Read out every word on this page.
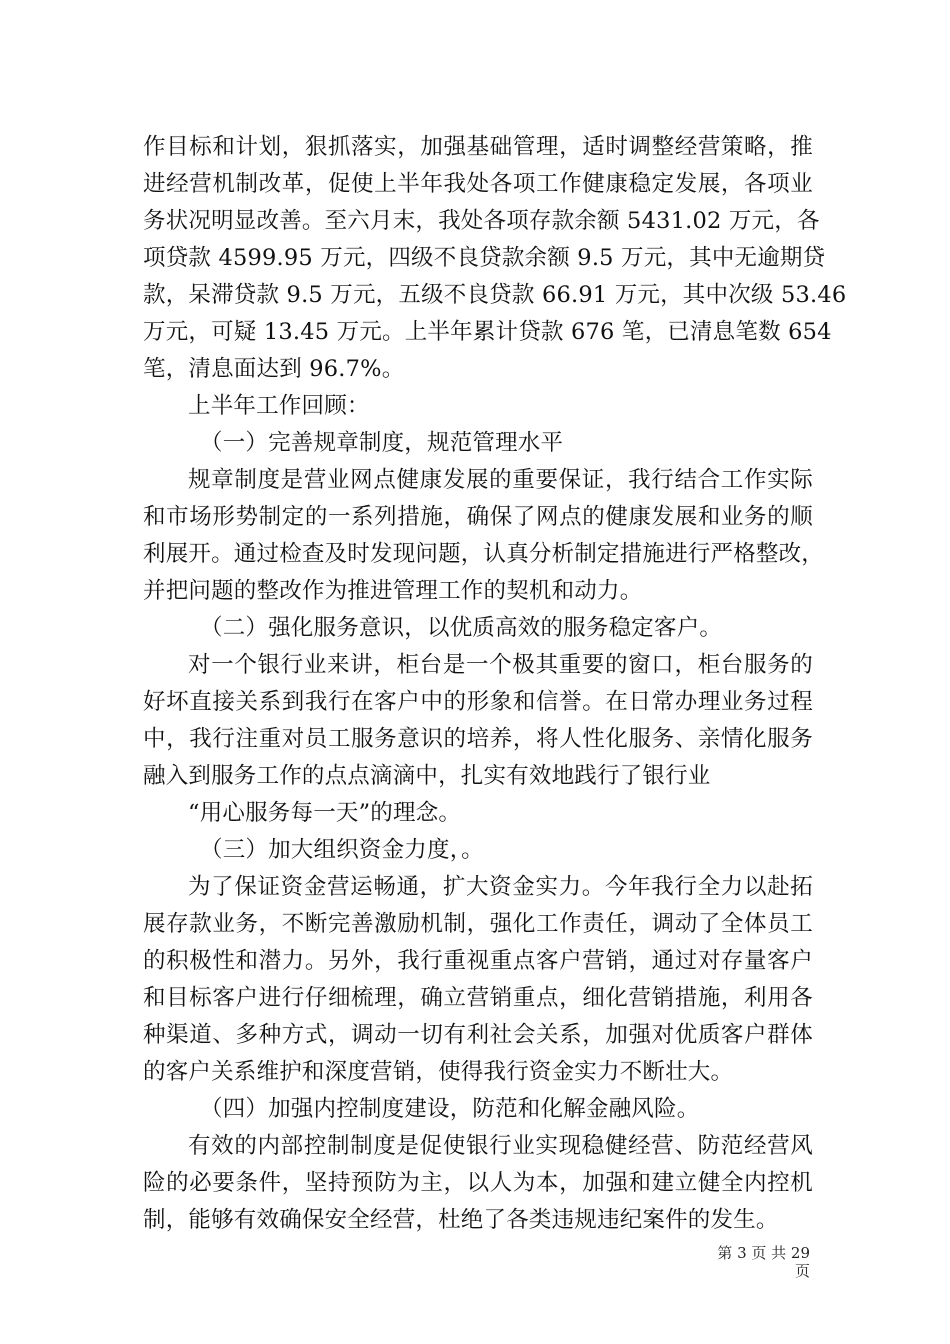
作目标和计划，狠抓落实，加强基础管理，适时调整经营策略，推
进经营机制改革，促使上半年我处各项工作健康稳定发展，各项业
务状况明显改善。至六月末，我处各项存款余额 5431.02 万元，各
项贷款 4599.95 万元，四级不良贷款余额 9.5 万元，其中无逾期贷
款，呆滞贷款 9.5 万元，五级不良贷款 66.91 万元，其中次级 53.46
万元，可疑 13.45 万元。上半年累计贷款 676 笔，已清息笔数 654
笔，清息面达到 96.7%。
上半年工作回顾：
（一）完善规章制度，规范管理水平
规章制度是营业网点健康发展的重要保证，我行结合工作实际
和市场形势制定的一系列措施，确保了网点的健康发展和业务的顺
利展开。通过检查及时发现问题，认真分析制定措施进行严格整改，
并把问题的整改作为推进管理工作的契机和动力。
（二）强化服务意识，以优质高效的服务稳定客户。
对一个银行业来讲，柜台是一个极其重要的窗口，柜台服务的
好坏直接关系到我行在客户中的形象和信誉。在日常办理业务过程
中，我行注重对员工服务意识的培养，将人性化服务、亲情化服务
融入到服务工作的点点滴滴中，扎实有效地践行了银行业
“用心服务每一天”的理念。
（三）加大组织资金力度，。
为了保证资金营运畅通，扩大资金实力。今年我行全力以赴拓
展存款业务，不断完善激励机制，强化工作责任，调动了全体员工
的积极性和潜力。另外，我行重视重点客户营销，通过对存量客户
和目标客户进行仔细梳理，确立营销重点，细化营销措施，利用各
种渠道、多种方式，调动一切有利社会关系，加强对优质客户群体
的客户关系维护和深度营销，使得我行资金实力不断壮大。
（四）加强内控制度建设，防范和化解金融风险。
有效的内部控制制度是促使银行业实现稳健经营、防范经营风
险的必要条件，坚持预防为主，以人为本，加强和建立健全内控机
制，能够有效确保安全经营，杜绝了各类违规违纪案件的发生。
第 3 页 共 29 页
